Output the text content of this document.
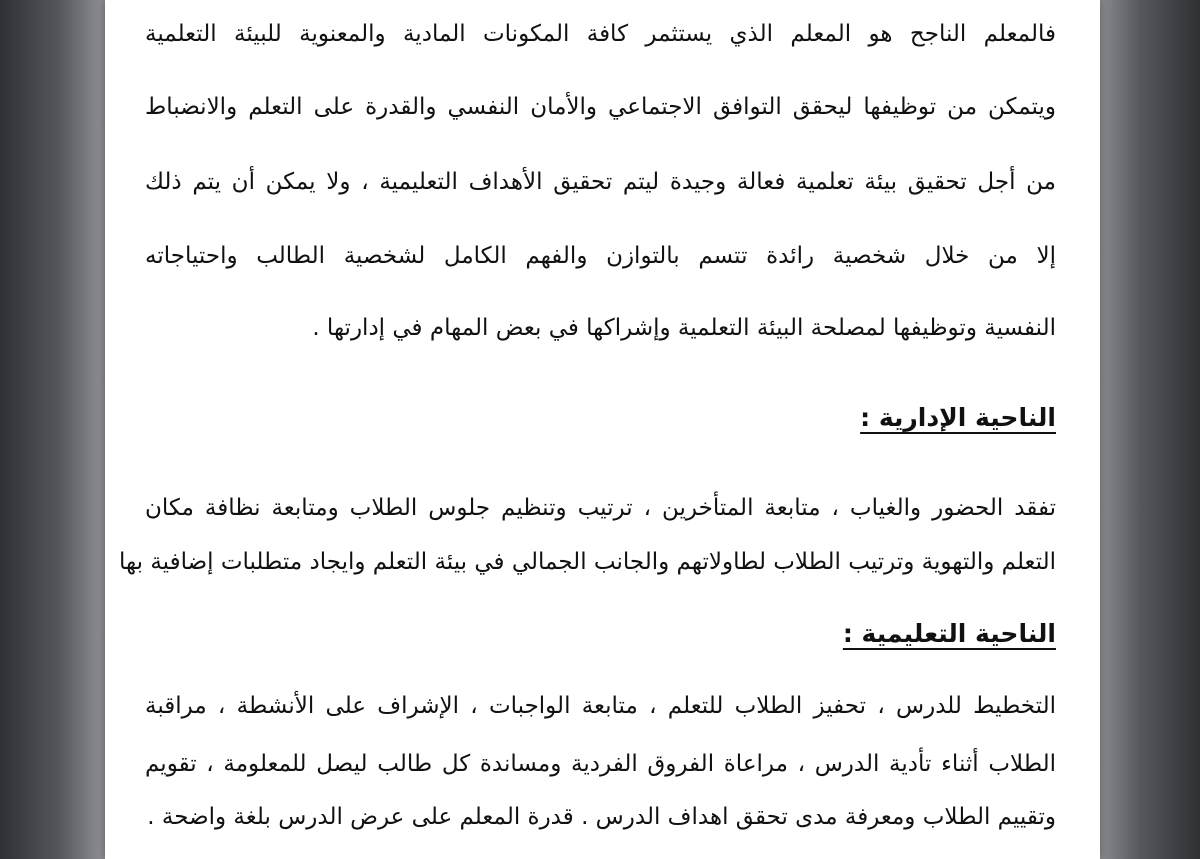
فالمعلم الناجح هو المعلم الذي يستثمر كافة المكونات المادية والمعنوية للبيئة التعلمية
ويتمكن من توظيفها ليحقق التوافق الاجتماعي والأمان النفسي والقدرة على التعلم والانضباط
من أجل تحقيق بيئة تعلمية فعالة وجيدة ليتم تحقيق الأهداف التعليمية ، ولا يمكن أن يتم ذلك
إلا من خلال شخصية رائدة تتسم بالتوازن والفهم الكامل لشخصية الطالب واحتياجاته
النفسية وتوظيفها لمصلحة البيئة التعلمية وإشراكها في بعض المهام في إدارتها .
الناحية الإدارية :
تفقد الحضور والغياب ، متابعة المتأخرين ، ترتيب وتنظيم جلوس الطلاب ومتابعة نظافة مكان
التعلم والتهوية وترتيب الطلاب لطاولاتهم والجانب الجمالي في بيئة التعلم وايجاد متطلبات إضافية بها
الناحية التعليمية :
التخطيط للدرس ، تحفيز الطلاب للتعلم ، متابعة الواجبات ، الإشراف على الأنشطة ، مراقبة
الطلاب أثناء تأدية الدرس ، مراعاة الفروق الفردية ومساندة كل طالب ليصل للمعلومة ، تقويم
وتقييم الطلاب ومعرفة مدى تحقق اهداف الدرس . قدرة المعلم على عرض الدرس بلغة واضحة .
